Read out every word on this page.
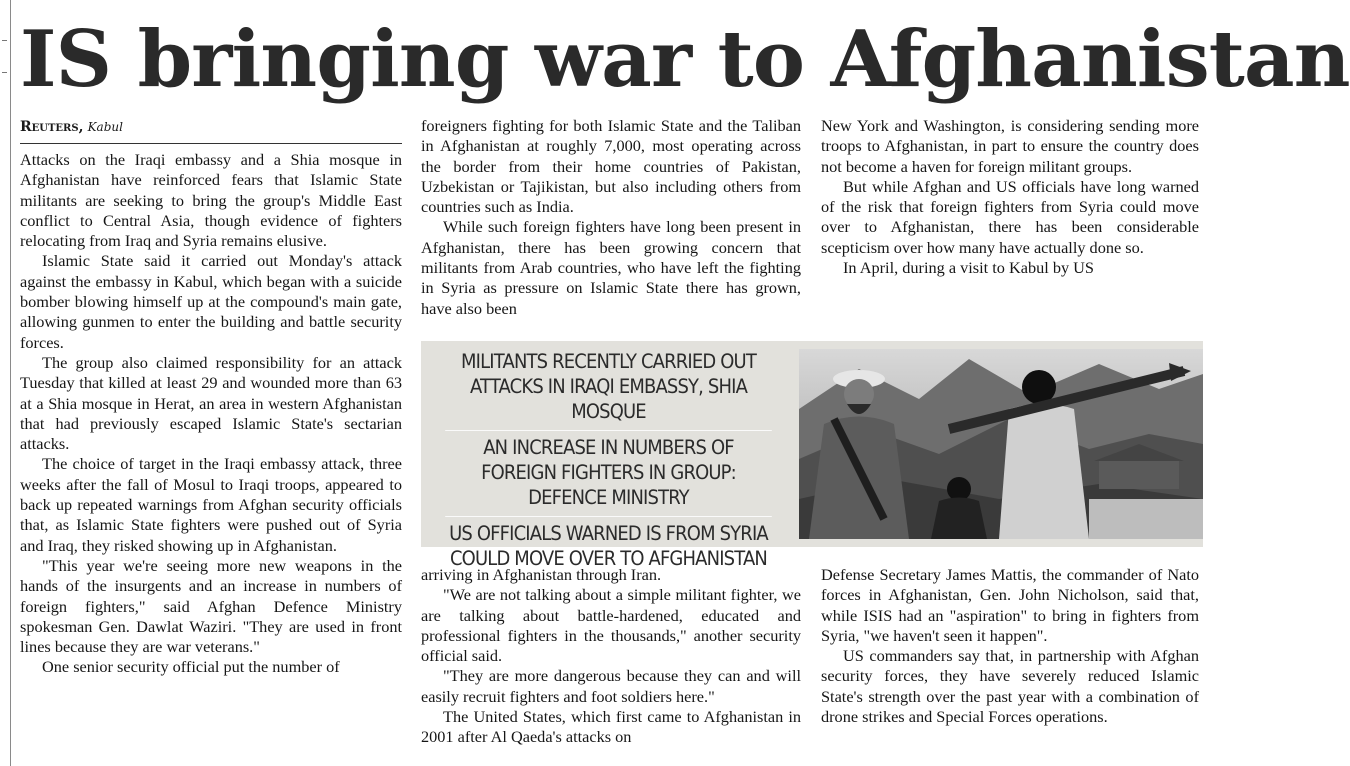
IS bringing war to Afghanistan
Reuters, Kabul

Attacks on the Iraqi embassy and a Shia mosque in Afghanistan have reinforced fears that Islamic State militants are seeking to bring the group's Middle East conflict to Central Asia, though evidence of fighters relocating from Iraq and Syria remains elusive.

Islamic State said it carried out Monday's attack against the embassy in Kabul, which began with a suicide bomber blowing himself up at the compound's main gate, allowing gunmen to enter the building and battle security forces.

The group also claimed responsibility for an attack Tuesday that killed at least 29 and wounded more than 63 at a Shia mosque in Herat, an area in western Afghanistan that had previously escaped Islamic State's sectarian attacks.

The choice of target in the Iraqi embassy attack, three weeks after the fall of Mosul to Iraqi troops, appeared to back up repeated warnings from Afghan security officials that, as Islamic State fighters were pushed out of Syria and Iraq, they risked showing up in Afghanistan.

"This year we're seeing more new weapons in the hands of the insurgents and an increase in numbers of foreign fighters," said Afghan Defence Ministry spokesman Gen. Dawlat Waziri. "They are used in front lines because they are war veterans."

One senior security official put the number of

foreigners fighting for both Islamic State and the Taliban in Afghanistan at roughly 7,000, most operating across the border from their home countries of Pakistan, Uzbekistan or Tajikistan, but also including others from countries such as India.

While such foreign fighters have long been present in Afghanistan, there has been growing concern that militants from Arab countries, who have left the fighting in Syria as pressure on Islamic State there has grown, have also been

New York and Washington, is considering sending more troops to Afghanistan, in part to ensure the country does not become a haven for foreign militant groups.

But while Afghan and US officials have long warned of the risk that foreign fighters from Syria could move over to Afghanistan, there has been considerable scepticism over how many have actually done so.

In April, during a visit to Kabul by US

MILITANTS RECENTLY CARRIED OUT ATTACKS IN IRAQI EMBASSY, SHIA MOSQUE
AN INCREASE IN NUMBERS OF FOREIGN FIGHTERS IN GROUP: DEFENCE MINISTRY
US OFFICIALS WARNED IS FROM SYRIA COULD MOVE OVER TO AFGHANISTAN

arriving in Afghanistan through Iran.

"We are not talking about a simple militant fighter, we are talking about battle-hardened, educated and professional fighters in the thousands," another security official said.

"They are more dangerous because they can and will easily recruit fighters and foot soldiers here."

The United States, which first came to Afghanistan in 2001 after Al Qaeda's attacks on

Defense Secretary James Mattis, the commander of Nato forces in Afghanistan, Gen. John Nicholson, said that, while ISIS had an "aspiration" to bring in fighters from Syria, "we haven't seen it happen".

US commanders say that, in partnership with Afghan security forces, they have severely reduced Islamic State's strength over the past year with a combination of drone strikes and Special Forces operations.
